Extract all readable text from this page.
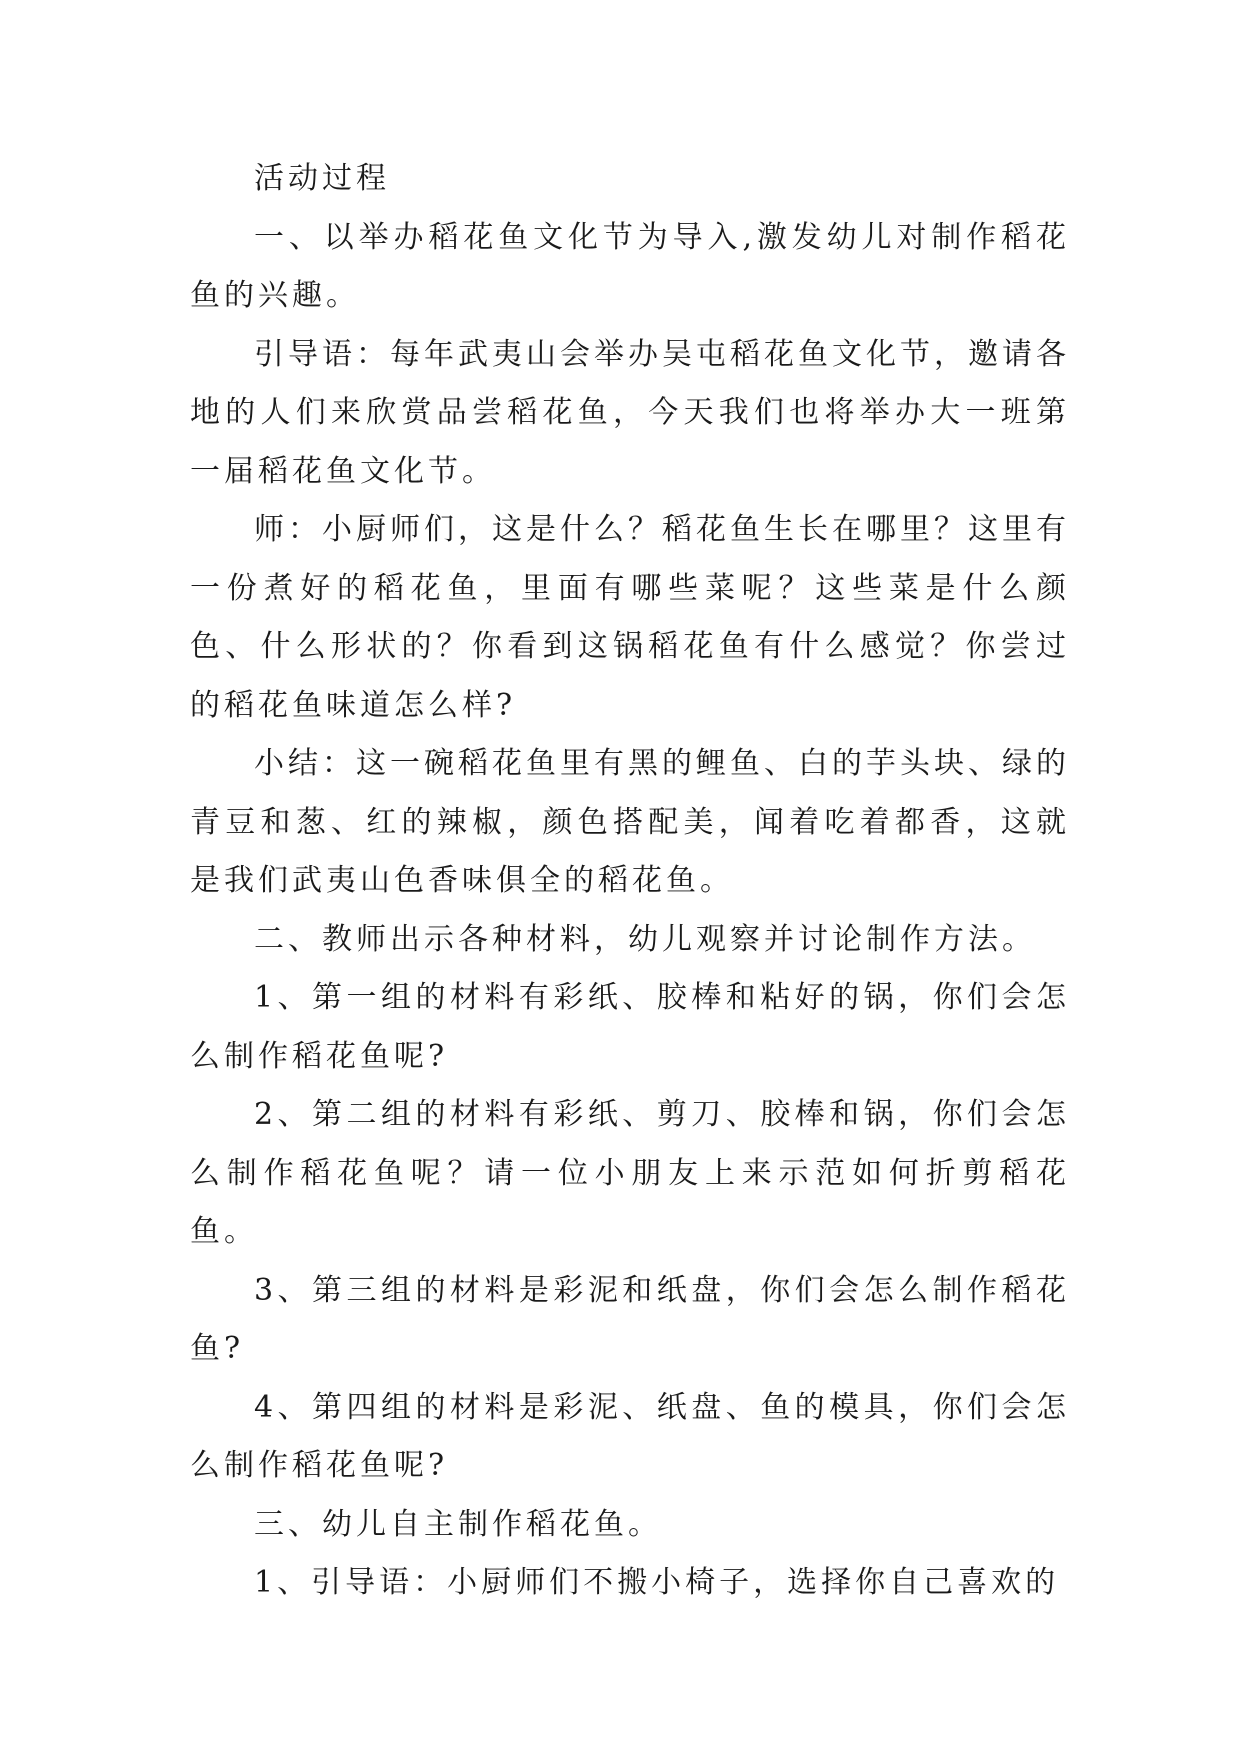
活动过程

一、以举办稻花鱼文化节为导入,激发幼儿对制作稻花鱼的兴趣。

引导语：每年武夷山会举办吴屯稻花鱼文化节，邀请各地的人们来欣赏品尝稻花鱼，今天我们也将举办大一班第一届稻花鱼文化节。

师：小厨师们，这是什么？稻花鱼生长在哪里？这里有一份煮好的稻花鱼，里面有哪些菜呢？这些菜是什么颜色、什么形状的？你看到这锅稻花鱼有什么感觉？你尝过的稻花鱼味道怎么样?

小结：这一碗稻花鱼里有黑的鲤鱼、白的芋头块、绿的青豆和葱、红的辣椒，颜色搭配美，闻着吃着都香，这就是我们武夷山色香味俱全的稻花鱼。

二、教师出示各种材料，幼儿观察并讨论制作方法。

1、第一组的材料有彩纸、胶棒和粘好的锅，你们会怎么制作稻花鱼呢?

2、第二组的材料有彩纸、剪刀、胶棒和锅，你们会怎么制作稻花鱼呢？请一位小朋友上来示范如何折剪稻花鱼。

3、第三组的材料是彩泥和纸盘，你们会怎么制作稻花鱼?

4、第四组的材料是彩泥、纸盘、鱼的模具，你们会怎么制作稻花鱼呢?

三、幼儿自主制作稻花鱼。

1、引导语：小厨师们不搬小椅子，选择你自己喜欢的
